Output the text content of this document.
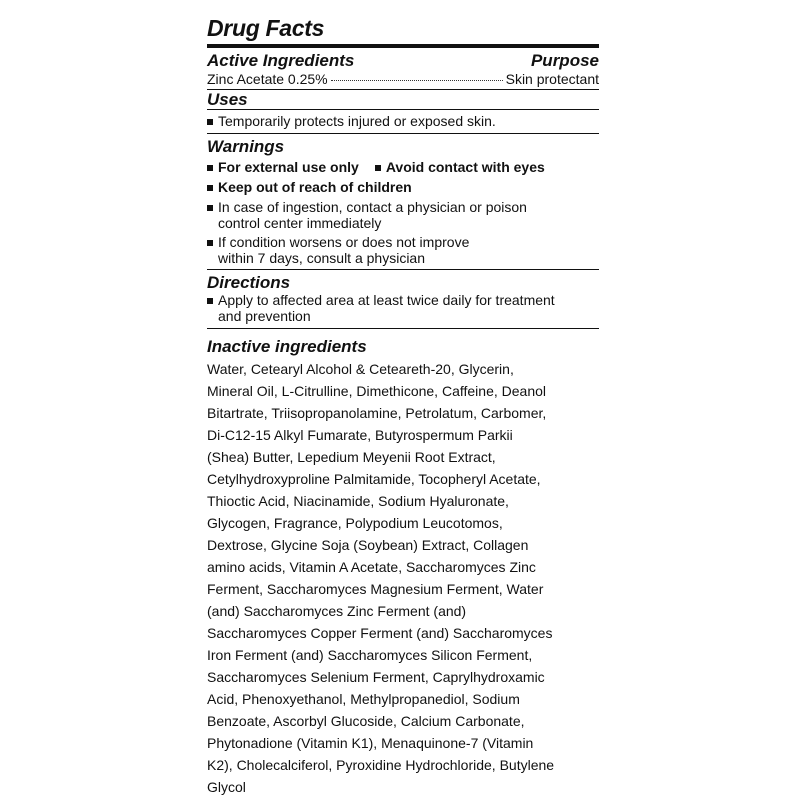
Drug Facts
Active Ingredients	Purpose
Zinc Acetate 0.25%	Skin protectant
Uses
Temporarily protects injured or exposed skin.
Warnings
For external use only Avoid contact with eyes
Keep out of reach of children
In case of ingestion, contact a physician or poison
control center immediately
If condition worsens or does not improve
within 7 days, consult a physician
Directions
Apply to affected area at least twice daily for treatment
and prevention
Inactive ingredients
Water, Cetearyl Alcohol & Ceteareth-20, Glycerin,
Mineral Oil, L-Citrulline, Dimethicone, Caffeine, Deanol
Bitartrate, Triisopropanolamine, Petrolatum, Carbomer,
Di-C12-15 Alkyl Fumarate, Butyrospermum Parkii
(Shea) Butter, Lepedium Meyenii Root Extract,
Cetylhydroxyproline Palmitamide, Tocopheryl Acetate,
Thioctic Acid, Niacinamide, Sodium Hyaluronate,
Glycogen, Fragrance, Polypodium Leucotomos,
Dextrose, Glycine Soja (Soybean) Extract, Collagen
amino acids, Vitamin A Acetate, Saccharomyces Zinc
Ferment, Saccharomyces Magnesium Ferment, Water
(and) Saccharomyces Zinc Ferment (and)
Saccharomyces Copper Ferment (and) Saccharomyces
Iron Ferment (and) Saccharomyces Silicon Ferment,
Saccharomyces Selenium Ferment, Caprylhydroxamic
Acid, Phenoxyethanol, Methylpropanediol, Sodium
Benzoate, Ascorbyl Glucoside, Calcium Carbonate,
Phytonadione (Vitamin K1), Menaquinone-7 (Vitamin
K2), Cholecalciferol, Pyroxidine Hydrochloride, Butylene
Glycol
